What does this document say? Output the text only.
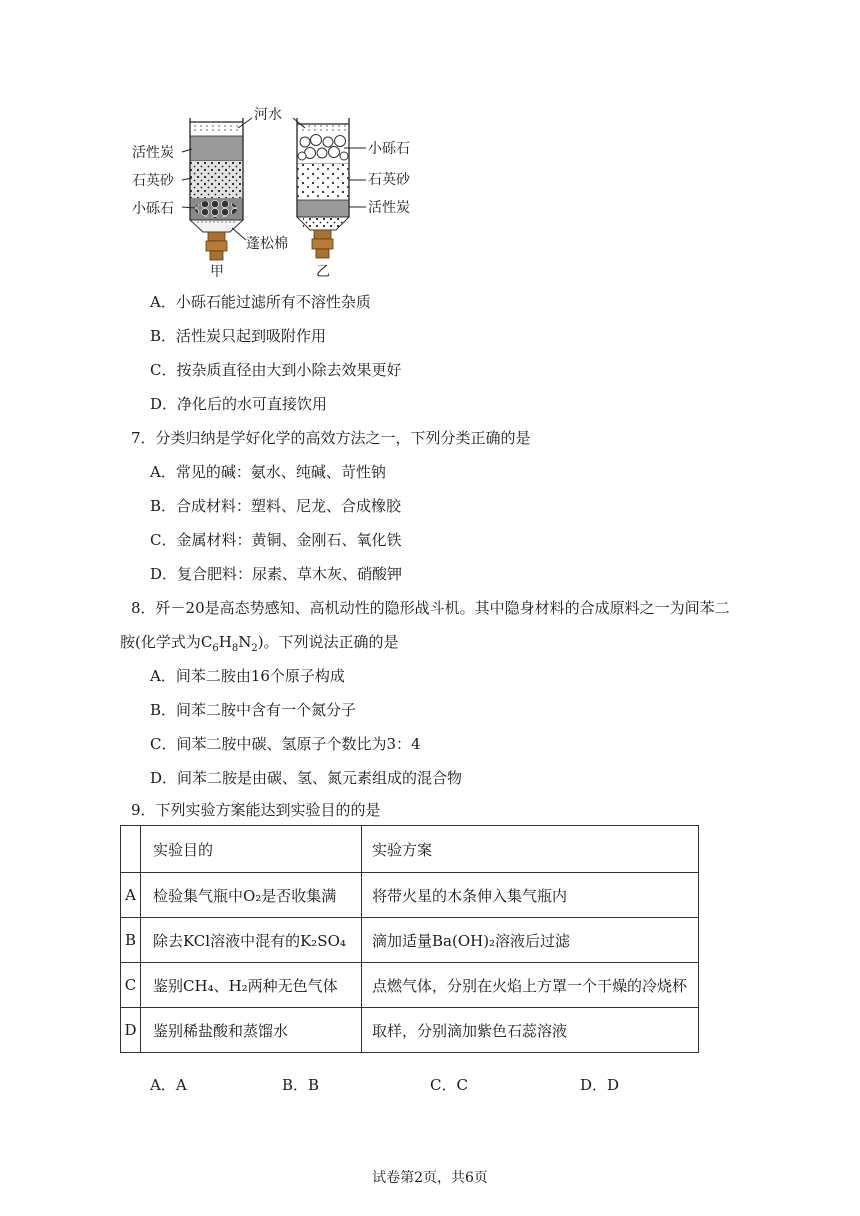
河水
活性炭
石英砂
小砾石
蓬松棉
甲
小砾石
石英砂
活性炭
乙
A．小砾石能过滤所有不溶性杂质
B．活性炭只起到吸附作用
C．按杂质直径由大到小除去效果更好
D．净化后的水可直接饮用
7．分类归纳是学好化学的高效方法之一，下列分类正确的是
A．常见的碱：氨水、纯碱、苛性钠
B．合成材料：塑料、尼龙、合成橡胶
C．金属材料：黄铜、金刚石、氧化铁
D．复合肥料：尿素、草木灰、硝酸钾
8．歼－20是高态势感知、高机动性的隐形战斗机。其中隐身材料的合成原料之一为间苯二
胺(化学式为$C_6H_8N_2$)。下列说法正确的是
A．间苯二胺由16个原子构成
B．间苯二胺中含有一个氮分子
C．间苯二胺中碳、氢原子个数比为3：4
D．间苯二胺是由碳、氢、氮元素组成的混合物
9．下列实验方案能达到实验目的的是
	实验目的	实验方案
A	检验集气瓶中O₂是否收集满	将带火星的木条伸入集气瓶内
B	除去KCl溶液中混有的K₂SO₄	滴加适量Ba(OH)₂溶液后过滤
C	鉴别CH₄、H₂两种无色气体	点燃气体，分别在火焰上方罩一个干燥的冷烧杯
D	鉴别稀盐酸和蒸馏水	取样，分别滴加紫色石蕊溶液
A．A	B．B	C．C	D．D
试卷第2页，共6页
